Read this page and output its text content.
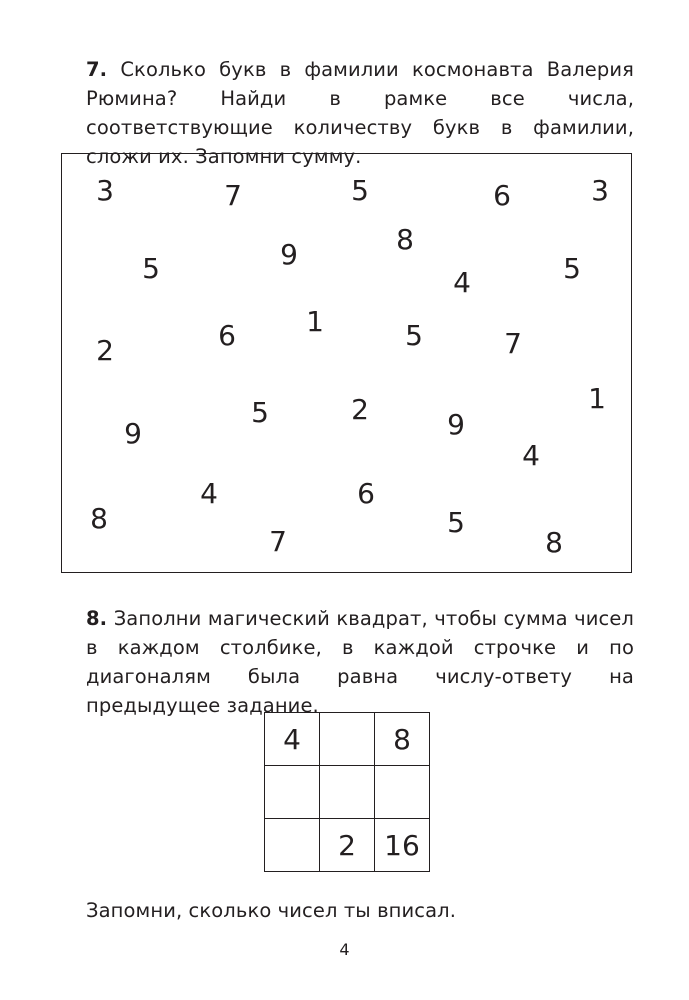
7. Сколько букв в фамилии космонавта Валерия Рюмина? Найди в рамке все числа, соответствующие количеству букв в фамилии, сложи их. Запомни сумму.
3	7	5	6	3
8
9
5	4	5
1
2	6	5	7
1
5	2
9	9
4
4	6
8	5
7	8
8. Заполни магический квадрат, чтобы сумма чисел в каждом столбике, в каждой строчке и по диагоналям была равна числу-ответу на предыдущее задание.
4		8

	2	16
Запомни, сколько чисел ты вписал.
4
